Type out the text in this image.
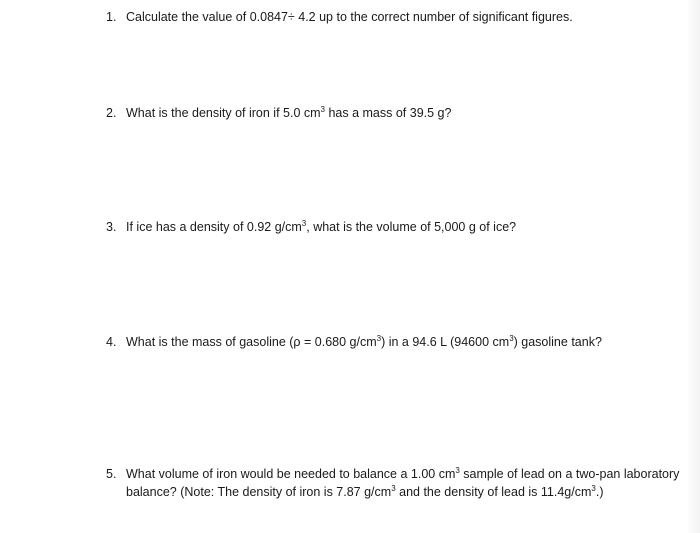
1. Calculate the value of 0.0847÷ 4.2 up to the correct number of significant figures.
2. What is the density of iron if 5.0 $cm^3$ has a mass of 39.5 g?
3. If ice has a density of 0.92 $g/cm^3$, what is the volume of 5,000 g of ice?
4. What is the mass of gasoline (ρ = 0.680 $g/cm^3$) in a 94.6 L (94600 $cm^3$) gasoline tank?
5. What volume of iron would be needed to balance a 1.00 $cm^3$ sample of lead on a two-pan laboratory
balance? (Note: The density of iron is 7.87 $g/cm^3$ and the density of lead is $11.4g/cm^3$.)
